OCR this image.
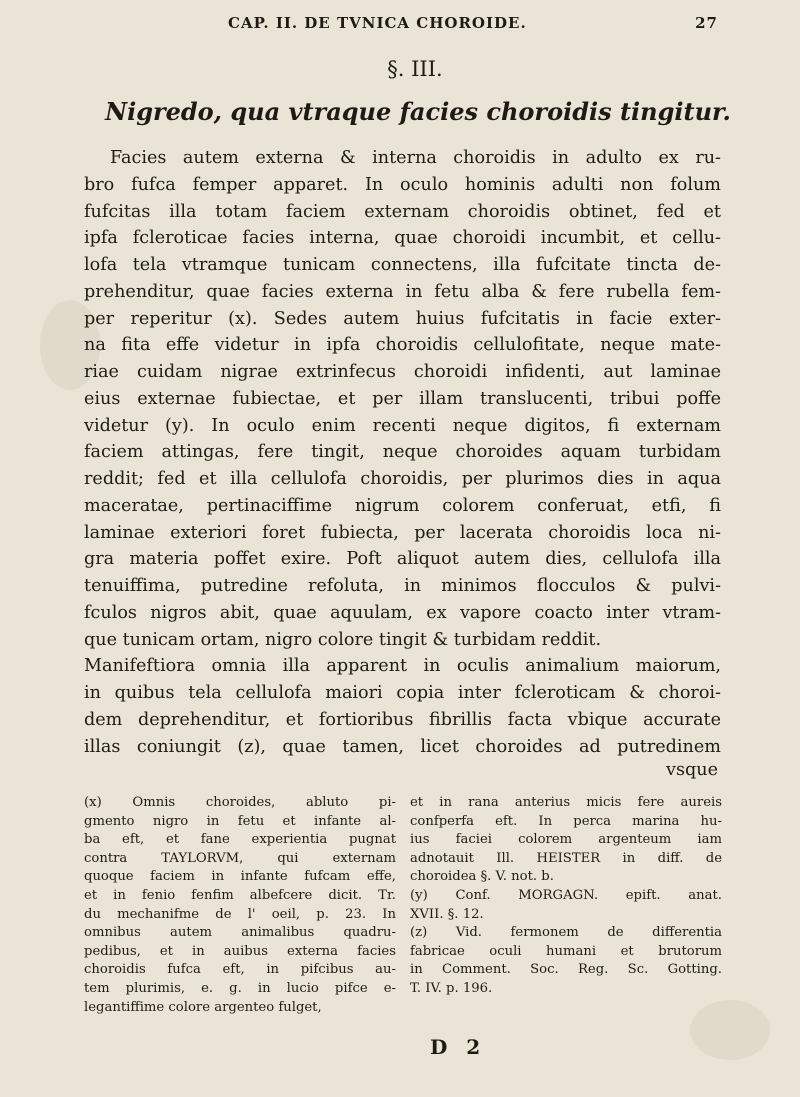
CAP. II. DE TVNICA CHOROIDE.	27
§. III.
Nigredo, qua vtraque facies choroidis tingitur.
Facies autem externa & interna choroidis in adulto ex ru-
bro fufca femper apparet. In oculo hominis adulti non folum
fufcitas illa totam faciem externam choroidis obtinet, fed et
ipfa fcleroticae facies interna, quae choroidi incumbit, et cellu-
lofa tela vtramque tunicam connectens, illa fufcitate tincta de-
prehenditur, quae facies externa in fetu alba & fere rubella fem-
per reperitur (x). Sedes autem huius fufcitatis in facie exter-
na fita effe videtur in ipfa choroidis cellulofitate, neque mate-
riae cuidam nigrae extrinfecus choroidi infidenti, aut laminae
eius externae fubiectae, et per illam translucenti, tribui poffe
videtur (y). In oculo enim recenti neque digitos, fi externam
faciem attingas, fere tingit, neque choroides aquam turbidam
reddit; fed et illa cellulofa choroidis, per plurimos dies in aqua
maceratae, pertinaciffime nigrum colorem conferuat, etfi, fi
laminae exteriori foret fubiecta, per lacerata choroidis loca ni-
gra materia poffet exire. Poft aliquot autem dies, cellulofa illa
tenuiffima, putredine refoluta, in minimos flocculos & pulvi-
fculos nigros abit, quae aquulam, ex vapore coacto inter vtram-
que tunicam ortam, nigro colore tingit & turbidam reddit.
Manifeftiora omnia illa apparent in oculis animalium maiorum,
in quibus tela cellulofa maiori copia inter fcleroticam & choroi-
dem deprehenditur, et fortioribus fibrillis facta vbique accurate
illas coniungit (z), quae tamen, licet choroides ad putredinem
vsque
(x) Omnis choroides, abluto pi-
gmento nigro in fetu et infante al-
ba eft, et fane experientia pugnat
contra TAYLORVM, qui externam
quoque faciem in infante fufcam effe,
et in fenio fenfim albefcere dicit. Tr.
du mechanifme de l' oeil, p. 23. In
omnibus autem animalibus quadru-
pedibus, et in auibus externa facies
choroidis fufca eft, in pifcibus au-
tem plurimis, e. g. in lucio pifce e-
legantiffime colore argenteo fulget,
et in rana anterius micis fere aureis
confperfa eft. In perca marina hu-
ius faciei colorem argenteum iam
adnotauit Ill. HEISTER in diff. de
choroidea §. V. not. b.
(y) Conf. MORGAGN. epift. anat.
XVII. §. 12.
(z) Vid. fermonem de differentia
fabricae oculi humani et brutorum
in Comment. Soc. Reg. Sc. Gotting.
T. IV. p. 196.
D 2
